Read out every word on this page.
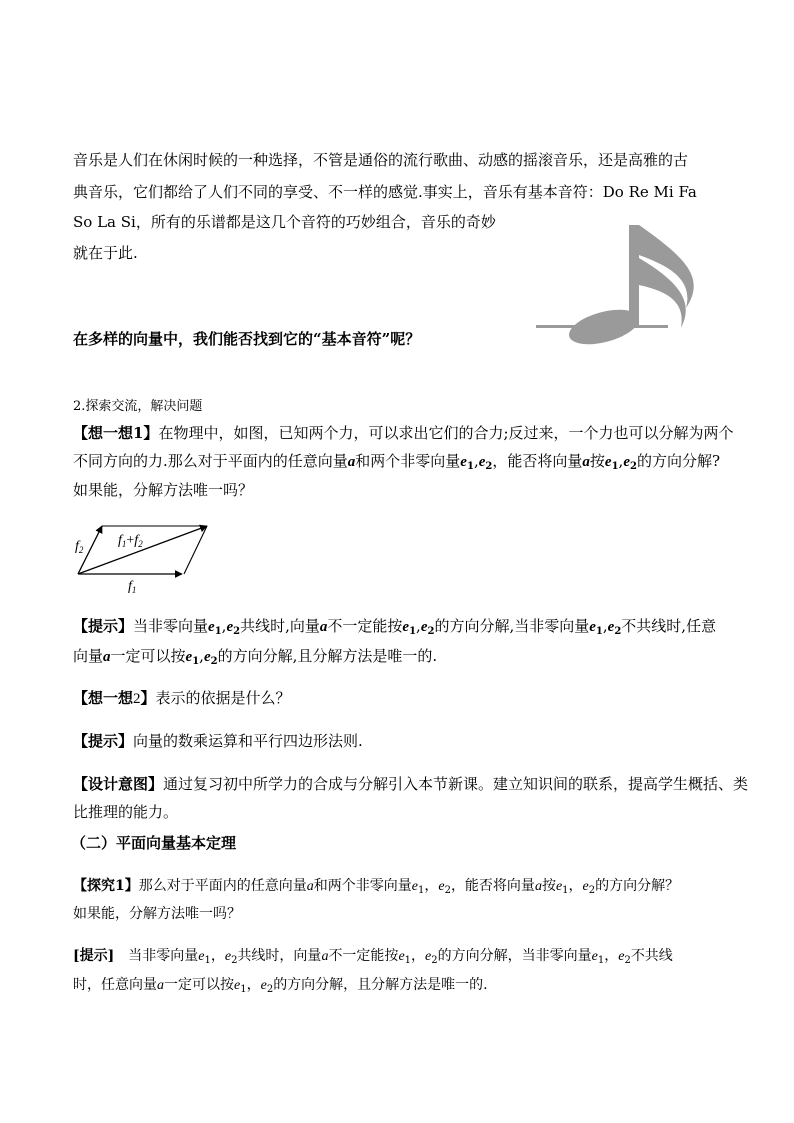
音乐是人们在休闲时候的一种选择，不管是通俗的流行歌曲、动感的摇滚音乐，还是高雅的古
典音乐，它们都给了人们不同的享受、不一样的感觉.事实上，音乐有基本音符：Do Re Mi Fa
So La Si，所有的乐谱都是这几个音符的巧妙组合，音乐的奇妙
就在于此.
在多样的向量中，我们能否找到它的“基本音符”呢？
2.探索交流，解决问题
【想一想1】在物理中，如图，已知两个力，可以求出它们的合力;反过来，一个力也可以分解为两个
不同方向的力.那么对于平面内的任意向量a和两个非零向量$e_1,e_2$，能否将向量a按$e_1,e_2$的方向分解?
如果能，分解方法唯一吗？
$f_2$
$f_1+f_2$
$f_1$
【提示】当非零向量$e_1,e_2$共线时,向量a不一定能按$e_1,e_2$的方向分解,当非零向量$e_1,e_2$不共线时,任意
向量a一定可以按$e_1,e_2$的方向分解,且分解方法是唯一的.
【想一想2】表示的依据是什么？
【提示】向量的数乘运算和平行四边形法则.
【设计意图】通过复习初中所学力的合成与分解引入本节新课。建立知识间的联系，提高学生概括、类
比推理的能力。
（二）平面向量基本定理
【探究1】那么对于平面内的任意向量a和两个非零向量$e_1$，$e_2$，能否将向量a按$e_1$，$e_2$的方向分解？
如果能，分解方法唯一吗？
[提示] 当非零向量$e_1$，$e_2$共线时，向量a不一定能按$e_1$，$e_2$的方向分解，当非零向量$e_1$，$e_2$不共线
时，任意向量a一定可以按$e_1$，$e_2$的方向分解，且分解方法是唯一的.
